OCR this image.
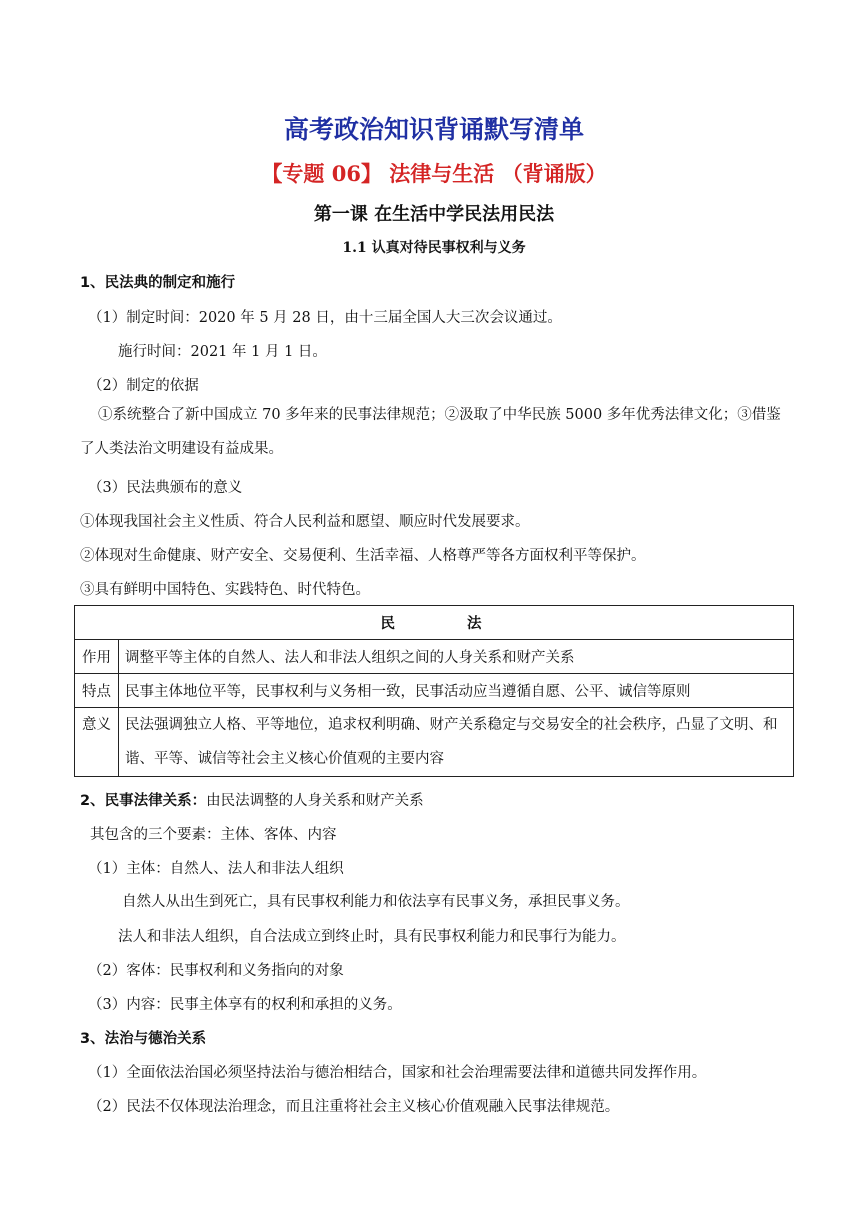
高考政治知识背诵默写清单
【专题 06】 法律与生活 （背诵版）
第一课 在生活中学民法用民法
1.1 认真对待民事权利与义务
1、民法典的制定和施行
（1）制定时间：2020 年 5 月 28 日，由十三届全国人大三次会议通过。
施行时间：2021 年 1 月 1 日。
（2）制定的依据
①系统整合了新中国成立 70 多年来的民事法律规范；②汲取了中华民族 5000 多年优秀法律文化；③借鉴了人类法治文明建设有益成果。
（3）民法典颁布的意义
①体现我国社会主义性质、符合人民利益和愿望、顺应时代发展要求。
②体现对生命健康、财产安全、交易便利、生活幸福、人格尊严等各方面权利平等保护。
③具有鲜明中国特色、实践特色、时代特色。
民法	
作用	调整平等主体的自然人、法人和非法人组织之间的人身关系和财产关系
特点	民事主体地位平等，民事权利与义务相一致，民事活动应当遵循自愿、公平、诚信等原则
意义	民法强调独立人格、平等地位，追求权利明确、财产关系稳定与交易安全的社会秩序，凸显了文明、和谐、平等、诚信等社会主义核心价值观的主要内容
2、民事法律关系：由民法调整的人身关系和财产关系
其包含的三个要素：主体、客体、内容
（1）主体：自然人、法人和非法人组织
自然人从出生到死亡，具有民事权利能力和依法享有民事义务，承担民事义务。
法人和非法人组织，自合法成立到终止时，具有民事权利能力和民事行为能力。
（2）客体：民事权利和义务指向的对象
（3）内容：民事主体享有的权利和承担的义务。
3、法治与德治关系
（1）全面依法治国必须坚持法治与德治相结合，国家和社会治理需要法律和道德共同发挥作用。
（2）民法不仅体现法治理念，而且注重将社会主义核心价值观融入民事法律规范。
